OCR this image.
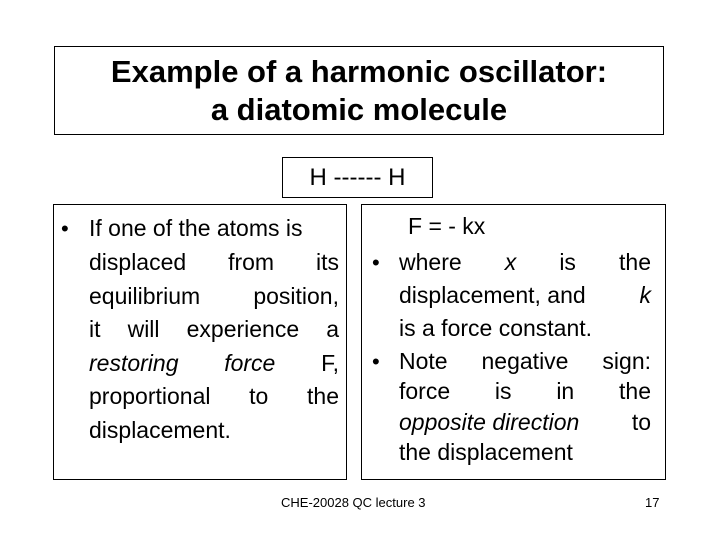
Example of a harmonic oscillator:
a diatomic molecule
H ------ H
• If one of the atoms is
displaced from its
equilibrium position,
it will experience a
restoring force F,
proportional to the
displacement.
F = - kx
• where x is the
displacement, and k
is a force constant.
• Note negative sign:
force is in the
opposite direction to
the displacement
CHE-20028 QC lecture 3	17
